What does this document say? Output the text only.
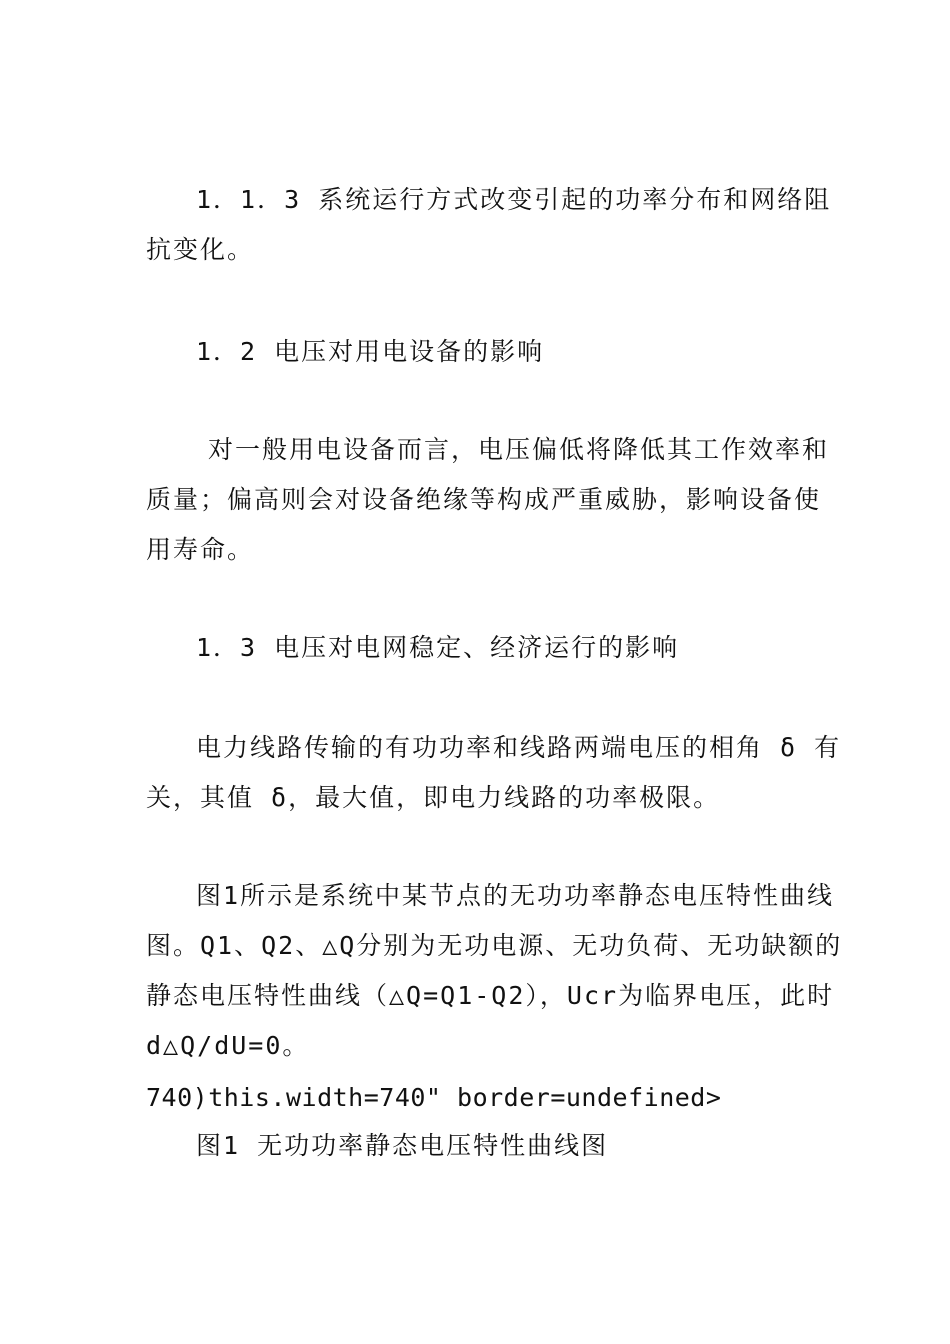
1．1．3 系统运行方式改变引起的功率分布和网络阻
抗变化。
1．2 电压对用电设备的影响
对一般用电设备而言，电压偏低将降低其工作效率和
质量；偏高则会对设备绝缘等构成严重威胁，影响设备使
用寿命。
1．3 电压对电网稳定、经济运行的影响
电力线路传输的有功功率和线路两端电压的相角 δ 有
关，其值 δ，最大值，即电力线路的功率极限。
图1所示是系统中某节点的无功功率静态电压特性曲线
图。Q1、Q2、△Q分别为无功电源、无功负荷、无功缺额的
静态电压特性曲线（△Q=Q1-Q2），Ucr为临界电压，此时
d△Q/dU=0。
740)this.width=740" border=undefined>
图1 无功功率静态电压特性曲线图
